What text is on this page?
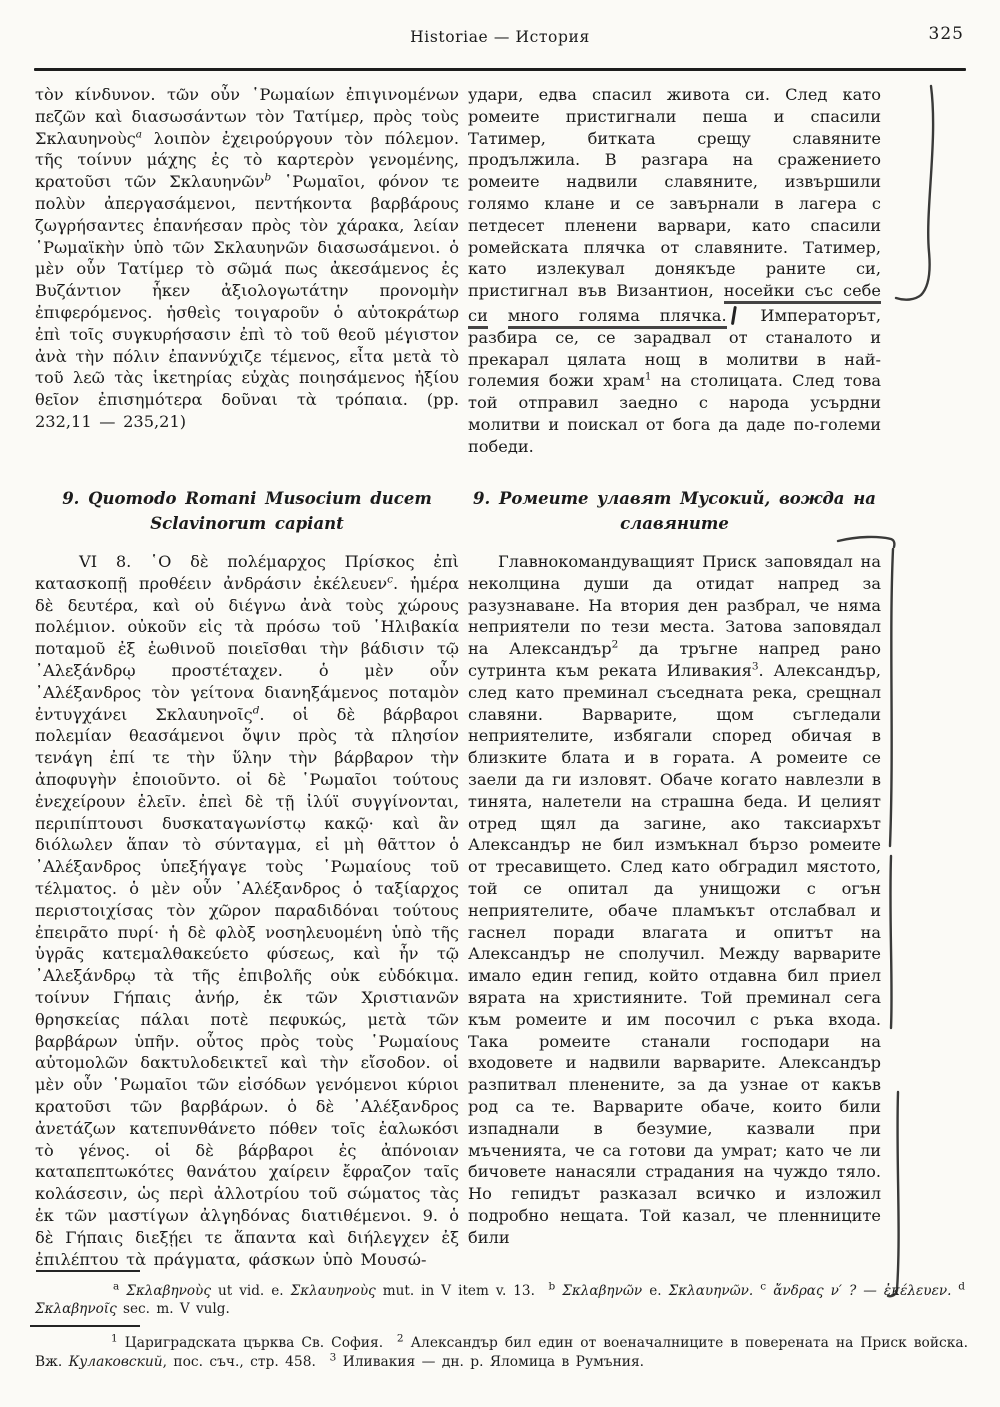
Historiae — История	325
τὸν κίνδυνον. τῶν οὖν ῾Ρωμαίων ἐπιγινομένων πεζῶν καὶ διασωσάντων τὸν Τατίμερ, πρὸς τοὺς Σκλαυηνοὺς$^a$ λοιπὸν ἐχειρούργουν τὸν πόλεμον. τῆς τοίνυν μάχης ἐς τὸ καρτερὸν γενομένης, κρατοῦσι τῶν Σκλαυηνῶν$^b$ ῾Ρωμαῖοι, φόνον τε πολὺν ἀπεργασάμενοι, πεντήκοντα βαρβάρους ζωγρήσαντες ἐπανήεσαν πρὸς τὸν χάρακα, λείαν ῾Ρωμαϊκὴν ὑπὸ τῶν Σκλαυηνῶν διασωσάμενοι. ὁ μὲν οὖν Τατίμερ τὸ σῶμά πως ἀκεσάμενος ἐς Βυζάντιον ἧκεν ἀξιολογωτάτην προνομὴν ἐπιφερόμενος. ἡσθεὶς τοιγαροῦν ὁ αὐτοκράτωρ ἐπὶ τοῖς συγκυρήσασιν ἐπὶ τὸ τοῦ θεοῦ μέγιστον ἀνὰ τὴν πόλιν ἐπαννύχιζε τέμενος, εἶτα μετὰ τὸ τοῦ λεῶ τὰς ἱκετηρίας εὐχὰς ποιησάμενος ἠξίου θεῖον ἐπισημότερα δοῦναι τὰ τρόπαια. (pp. 232,11 — 235,21)
9. Quomodo Romani Musocium ducem
Sclavinorum capiant
VI 8. ῾Ο δὲ πολέμαρχος Πρίσκος ἐπὶ κατασκοπῇ προθέειν ἀνδράσιν ἐκέλευεν$^c$. ἡμέρα δὲ δευτέρα, καὶ οὐ διέγνω ἀνὰ τοὺς χώρους πολέμιον. οὐκοῦν εἰς τὰ πρόσω τοῦ ῾Ηλιβακία ποταμοῦ ἐξ ἑωθινοῦ ποιεῖσθαι τὴν βάδισιν τῷ ᾿Αλεξάνδρῳ προστέταχεν. ὁ μὲν οὖν ᾿Αλέξανδρος τὸν γείτονα διανηξάμενος ποταμὸν ἐντυγχάνει Σκλαυηνοῖς$^d$. οἱ δὲ βάρβαροι πολεμίαν θεασάμενοι ὄψιν πρὸς τὰ πλησίον τενάγη ἐπί τε τὴν ὕλην τὴν βάρβαρον τὴν ἀποφυγὴν ἐποιοῦντο. οἱ δὲ ῾Ρωμαῖοι τούτους ἐνεχείρουν ἑλεῖν. ἐπεὶ δὲ τῇ ἰλύϊ συγγίνονται, περιπίπτουσι δυσκαταγωνίστῳ κακῷ· καὶ ἂν διόλωλεν ἅπαν τὸ σύνταγμα, εἰ μὴ θᾶττον ὁ ᾿Αλέξανδρος ὑπεξήγαγε τοὺς ῾Ρωμαίους τοῦ τέλματος. ὁ μὲν οὖν ᾿Αλέξανδρος ὁ ταξίαρχος περιστοιχίσας τὸν χῶρον παραδιδόναι τούτους ἐπειρᾶτο πυρί· ἡ δὲ φλὸξ νοσηλευομένη ὑπὸ τῆς ὑγρᾶς κατεμαλθακεύετο φύσεως, καὶ ἦν τῷ ᾿Αλεξάνδρῳ τὰ τῆς ἐπιβολῆς οὐκ εὐδόκιμα. τοίνυν Γήπαις ἀνήρ, ἐκ τῶν Χριστιανῶν θρησκείας πάλαι ποτὲ πεφυκώς, μετὰ τῶν βαρβάρων ὑπῆν. οὗτος πρὸς τοὺς ῾Ρωμαίους αὐτομολῶν δακτυλοδεικτεῖ καὶ τὴν εἴσοδον. οἱ μὲν οὖν ῾Ρωμαῖοι τῶν εἰσόδων γενόμενοι κύριοι κρατοῦσι τῶν βαρβάρων. ὁ δὲ ᾿Αλέξανδρος ἀνετάζων κατεπυνθάνετο πόθεν τοῖς ἑαλωκόσι τὸ γένος. οἱ δὲ βάρβαροι ἐς ἀπόνοιαν καταπεπτωκότες θανάτου χαίρειν ἔφραζον ταῖς κολάσεσιν, ὡς περὶ ἀλλοτρίου τοῦ σώματος τὰς ἐκ τῶν μαστίγων ἀλγηδόνας διατιθέμενοι. 9. ὁ δὲ Γήπαις διεξῄει τε ἅπαντα καὶ διήλεγχεν ἐξ ἐπιλέπτου τὰ πράγματα, φάσκων ὑπὸ Μουσώ-
удари, едва спасил живота си. След като ромеите пристигнали пеша и спасили Татимер, битката срещу славяните продължила. В разгара на сражението ромеите надвили славяните, извършили голямо клане и се завърнали в лагера с петдесет пленени варвари, като спасили ромейската плячка от славяните. Татимер, като излекувал донякъде раните си, пристигнал във Византион, носейки със себе си много голяма плячка. Императорът, разбира се, се зарадвал от станалото и прекарал цялата нощ в молитви в най-големия божи храм$^1$ на столицата. След това той отправил заедно с народа усърдни молитви и поискал от бога да даде по-големи победи.
9. Ромеите улавят Мусокий, вожда на
славяните
Главнокомандуващият Приск заповядал на неколцина души да отидат напред за разузнаване. На втория ден разбрал, че няма неприятели по тези места. Затова заповядал на Александър$^2$ да тръгне напред рано сутринта към реката Иливакия$^3$. Александър, след като преминал съседната река, срещнал славяни. Варварите, щом съгледали неприятелите, избягали според обичая в близките блата и в гората. А ромеите се заели да ги изловят. Обаче когато навлезли в тинята, налетели на страшна беда. И целият отред щял да загине, ако таксиархът Александър не бил измъкнал бързо ромеите от тресавището. След като обградил мястото, той се опитал да унищожи с огън неприятелите, обаче пламъкът отслабвал и гаснел поради влагата и опитът на Александър не сполучил. Между варварите имало един гепид, който отдавна бил приел вярата на християните. Той преминал сега към ромеите и им посочил с ръка входа. Така ромеите станали господари на входовете и надвили варварите. Александър разпитвал пленените, за да узнае от какъв род са те. Варварите обаче, които били изпаднали в безумие, казвали при мъченията, че са готови да умрат; като че ли бичовете нанасяли страдания на чуждо тяло. Но гепидът разказал всичко и изложил подробно нещата. Той казал, че пленниците били
$^a$ Σκλαβηνοὺς ut vid. e. Σκλαυηνοὺς mut. in V item v. 13. $^b$ Σκλαβηνῶν e. Σκλαυηνῶν. $^c$ ἄνδρας ν′ ? — ἐκέλευεν. $^d$ Σκλαβηνοῖς sec. m. V vulg.
$^1$ Цариградската църква Св. София. $^2$ Александър бил един от военачалниците в поверената на Приск войска. Вж. Кулаковский, пос. съч., стр. 458. $^3$ Иливакия — дн. р. Яломица в Румъния.
